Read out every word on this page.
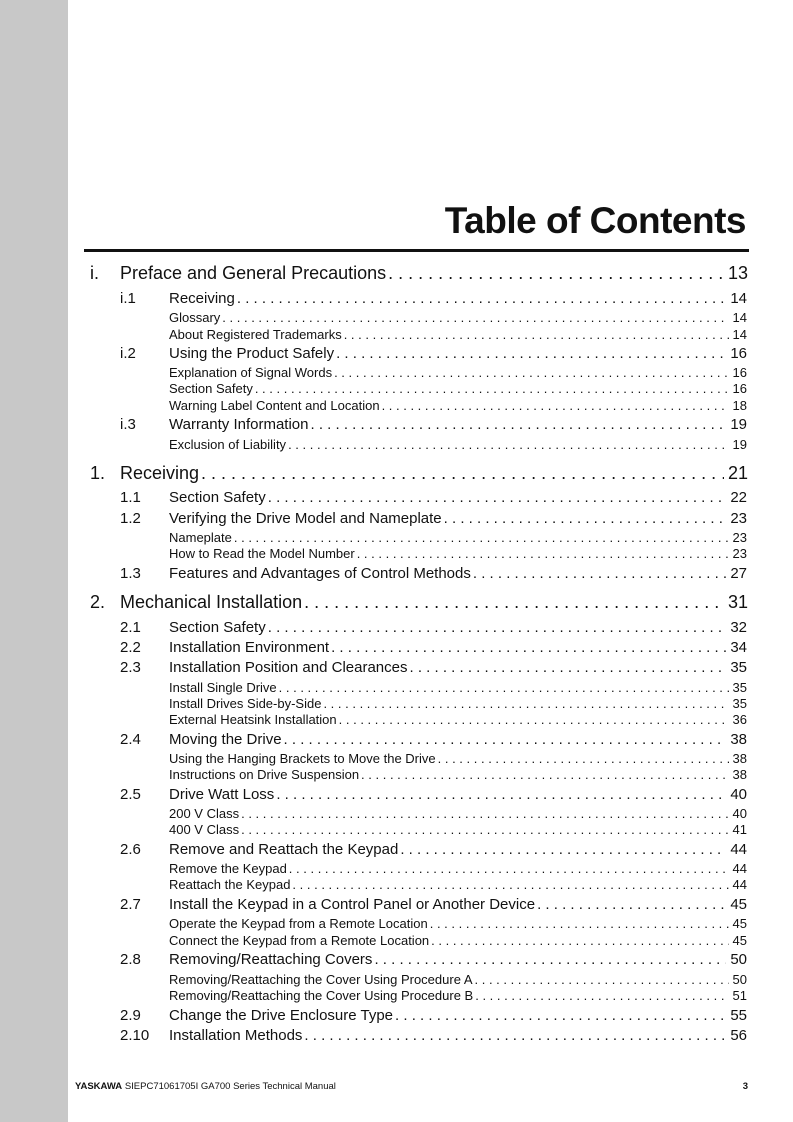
Table of Contents
i. Preface and General Precautions . . .	13
i.1 Receiving . . .	14
Glossary . . .	14
About Registered Trademarks . . .	14
i.2 Using the Product Safely . . .	16
Explanation of Signal Words . . .	16
Section Safety . . .	16
Warning Label Content and Location . . .	18
i.3 Warranty Information . . .	19
Exclusion of Liability . . .	19
1. Receiving . . .	21
1.1 Section Safety . . .	22
1.2 Verifying the Drive Model and Nameplate . . .	23
Nameplate . . .	23
How to Read the Model Number . . .	23
1.3 Features and Advantages of Control Methods . . .	27
2. Mechanical Installation . . .	31
2.1 Section Safety . . .	32
2.2 Installation Environment . . .	34
2.3 Installation Position and Clearances . . .	35
Install Single Drive . . .	35
Install Drives Side-by-Side . . .	35
External Heatsink Installation . . .	36
2.4 Moving the Drive . . .	38
Using the Hanging Brackets to Move the Drive . . .	38
Instructions on Drive Suspension . . .	38
2.5 Drive Watt Loss . . .	40
200 V Class . . .	40
400 V Class . . .	41
2.6 Remove and Reattach the Keypad . . .	44
Remove the Keypad . . .	44
Reattach the Keypad . . .	44
2.7 Install the Keypad in a Control Panel or Another Device . . .	45
Operate the Keypad from a Remote Location . . .	45
Connect the Keypad from a Remote Location . . .	45
2.8 Removing/Reattaching Covers . . .	50
Removing/Reattaching the Cover Using Procedure A . . .	50
Removing/Reattaching the Cover Using Procedure B . . .	51
2.9 Change the Drive Enclosure Type . . .	55
2.10 Installation Methods . . .	56
YASKAWA SIEPC71061705I GA700 Series Technical Manual	3
